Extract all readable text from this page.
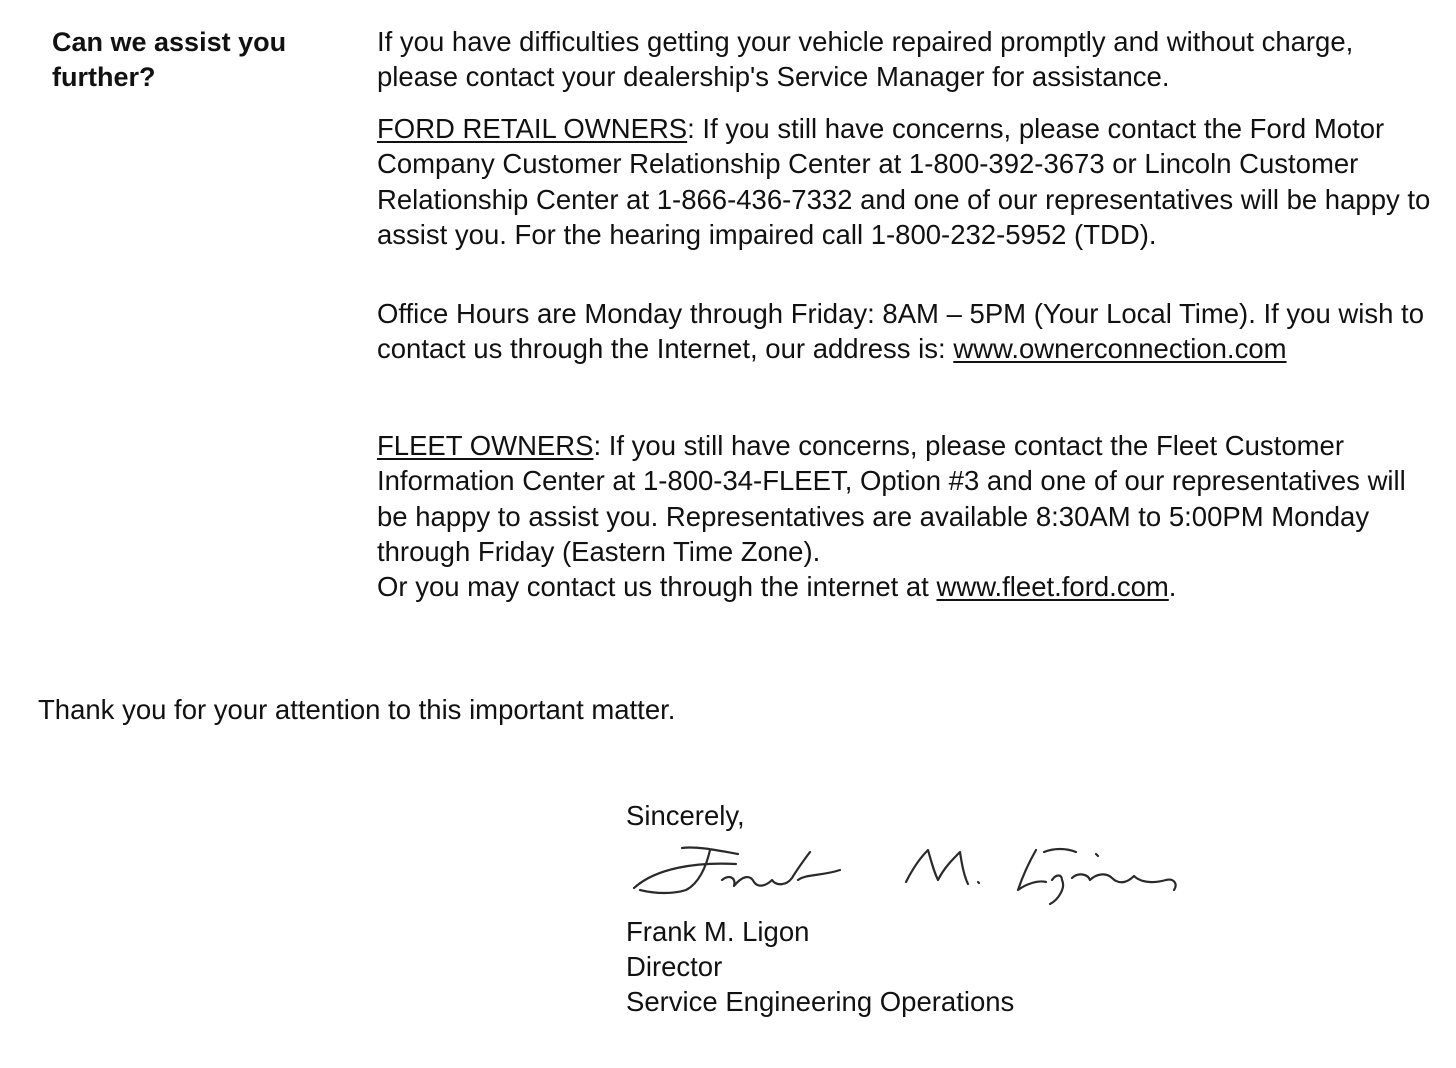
Can we assist you further?

If you have difficulties getting your vehicle repaired promptly and without charge, please contact your dealership's Service Manager for assistance.

FORD RETAIL OWNERS: If you still have concerns, please contact the Ford Motor Company Customer Relationship Center at 1-800-392-3673 or Lincoln Customer Relationship Center at 1-866-436-7332 and one of our representatives will be happy to assist you. For the hearing impaired call 1-800-232-5952 (TDD).

Office Hours are Monday through Friday: 8AM – 5PM (Your Local Time). If you wish to contact us through the Internet, our address is: www.ownerconnection.com

FLEET OWNERS: If you still have concerns, please contact the Fleet Customer Information Center at 1-800-34-FLEET, Option #3 and one of our representatives will be happy to assist you. Representatives are available 8:30AM to 5:00PM Monday through Friday (Eastern Time Zone).

Or you may contact us through the internet at www.fleet.ford.com.

Thank you for your attention to this important matter.
Sincerely,
Frank M. Ligon
Director
Service Engineering Operations
